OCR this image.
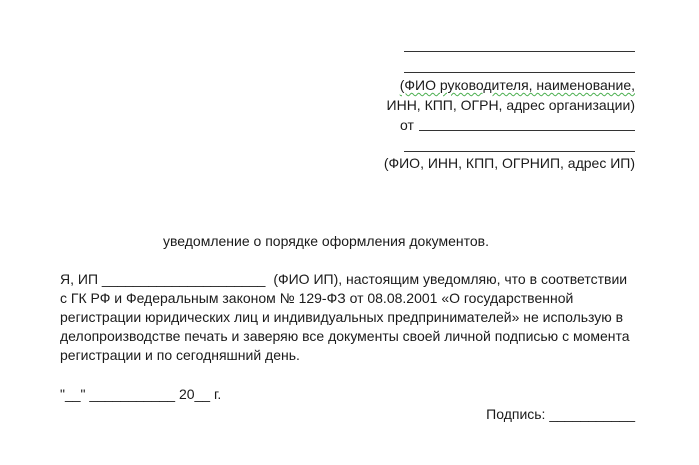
(ФИО руководителя, наименование,
ИНН, КПП, ОГРН, адрес организации)
от
(ФИО, ИНН, КПП, ОГРНИП, адрес ИП)
уведомление о порядке оформления документов.
Я, ИП _____________________ (ФИО ИП), настоящим уведомляю, что в соответствии
с ГК РФ и Федеральным законом № 129-ФЗ от 08.08.2001 «О государственной
регистрации юридических лиц и индивидуальных предпринимателей» не использую в
делопроизводстве печать и заверяю все документы своей личной подписью с момента
регистрации и по сегодняшний день.
"__" ___________ 20__ г.
Подпись: ___________
